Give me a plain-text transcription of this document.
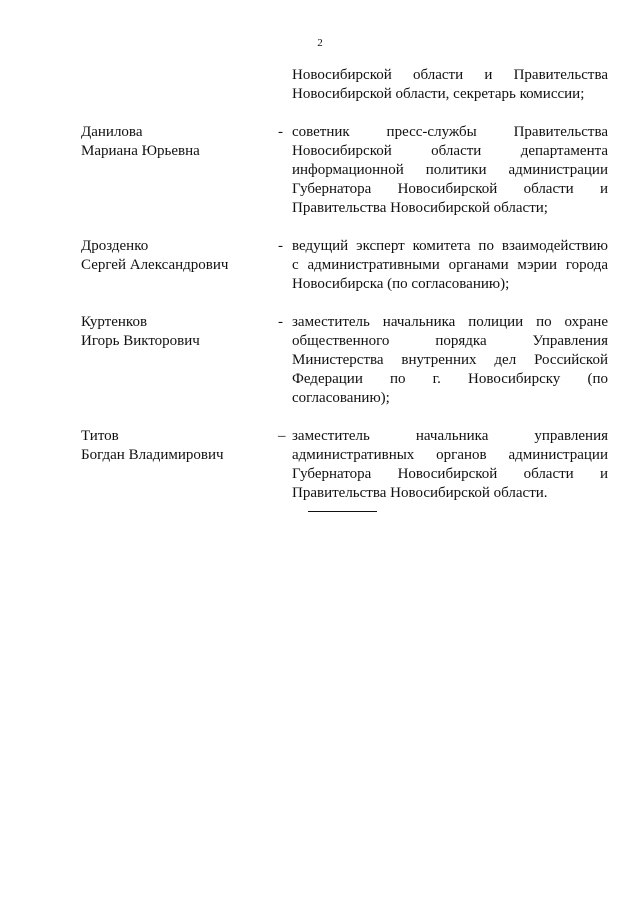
2
Новосибирской области и Правительства
Новосибирской области, секретарь комиссии;
Данилова
Мариана Юрьевна
- советник пресс-службы Правительства
Новосибирской области департамента
информационной политики администрации
Губернатора Новосибирской области и
Правительства Новосибирской области;
Дрозденко
Сергей Александрович
- ведущий эксперт комитета по взаимодействию
с административными органами мэрии города
Новосибирска (по согласованию);
Куртенков
Игорь Викторович
- заместитель начальника полиции по охране
общественного порядка Управления
Министерства внутренних дел Российской
Федерации по г. Новосибирску (по
согласованию);
Титов
Богдан Владимирович
– заместитель начальника управления
административных органов администрации
Губернатора Новосибирской области и
Правительства Новосибирской области.
